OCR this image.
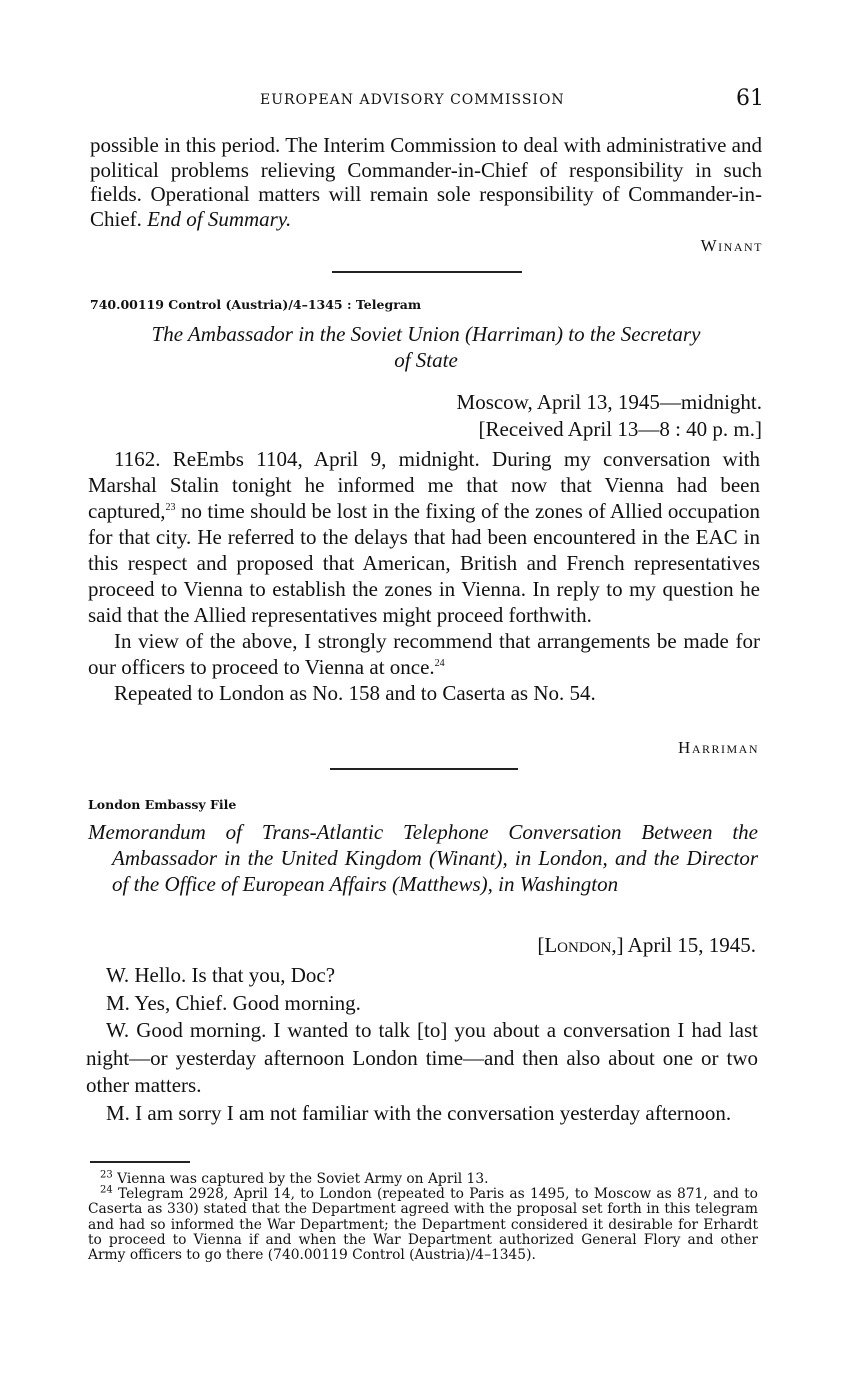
EUROPEAN ADVISORY COMMISSION	61
possible in this period. The Interim Commission to deal with administrative and political problems relieving Commander-in-Chief of responsibility in such fields. Operational matters will remain sole responsibility of Commander-in-Chief. End of Summary.
Winant
740.00119 Control (Austria)/4–1345 : Telegram
The Ambassador in the Soviet Union (Harriman) to the Secretary
of State
Moscow, April 13, 1945—midnight.
[Received April 13—8 : 40 p. m.]

1162. ReEmbs 1104, April 9, midnight. During my conversation with Marshal Stalin tonight he informed me that now that Vienna had been captured,$^{23}$ no time should be lost in the fixing of the zones of Allied occupation for that city. He referred to the delays that had been encountered in the EAC in this respect and proposed that American, British and French representatives proceed to Vienna to establish the zones in Vienna. In reply to my question he said that the Allied representatives might proceed forthwith.

In view of the above, I strongly recommend that arrangements be made for our officers to proceed to Vienna at once.$^{24}$

Repeated to London as No. 158 and to Caserta as No. 54.

Harriman
London Embassy File
Memorandum of Trans-Atlantic Telephone Conversation Between the Ambassador in the United Kingdom (Winant), in London, and the Director of the Office of European Affairs (Matthews), in Washington
[London,] April 15, 1945.

W. Hello. Is that you, Doc?

M. Yes, Chief. Good morning.

W. Good morning. I wanted to talk [to] you about a conversation I had last night—or yesterday afternoon London time—and then also about one or two other matters.

M. I am sorry I am not familiar with the conversation yesterday afternoon.

$^{23}$ Vienna was captured by the Soviet Army on April 13.

$^{24}$ Telegram 2928, April 14, to London (repeated to Paris as 1495, to Moscow as 871, and to Caserta as 330) stated that the Department agreed with the proposal set forth in this telegram and had so informed the War Department; the Department considered it desirable for Erhardt to proceed to Vienna if and when the War Department authorized General Flory and other Army officers to go there (740.00119 Control (Austria)/4–1345).
